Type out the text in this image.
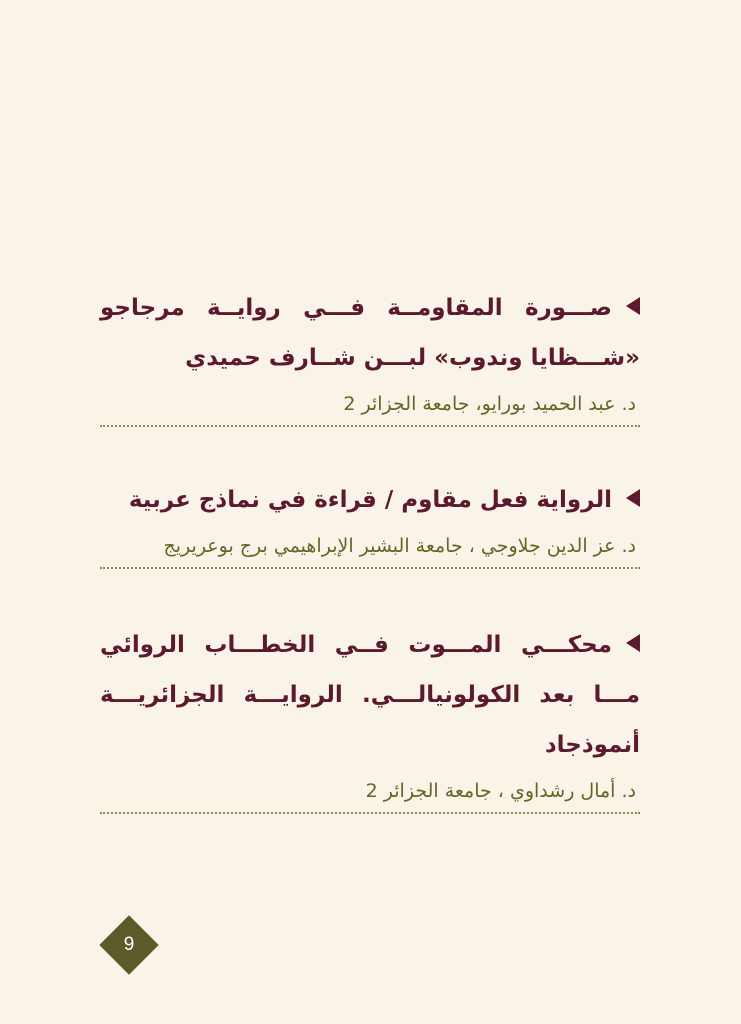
صـــورة المقاومــة فـــي روايــة مرجاجو «شـــظايا وندوب» لبـــن شــارف حميدي

د. عبد الحميد بورايو، جامعة الجزائر 2

الرواية فعل مقاوم / قراءة في نماذج عربية

د. عز الدين جلاوجي ، جامعة البشير الإبراهيمي برج بوعريريج

محكـــي المـــوت فــي الخطـــاب الروائي مـــا بعد الكولونيالـــي. الروايـــة الجزائريـــة أنموذجاد

د. أمال رشداوي ، جامعة الجزائر 2

9
